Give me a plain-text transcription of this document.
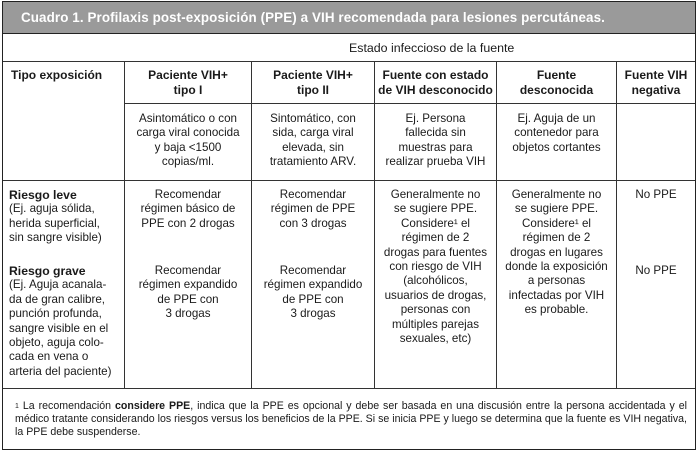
Cuadro 1. Profilaxis post-exposición (PPE) a VIH recomendada para lesiones percutáneas.
Estado infeccioso de la fuente
Tipo exposición	Paciente VIH+
tipo I
Paciente VIH+
tipo II
Fuente con estado
de VIH desconocido
Fuente
desconocida
Fuente VIH
negativa
Asintomático o con
carga viral conocida
y baja <1500
copias/ml.
Sintomático, con
sida, carga viral
elevada, sin
tratamiento ARV.
Ej. Persona
fallecida sin
muestras para
realizar prueba VIH
Ej. Aguja de un
contenedor para
objetos cortantes
Riesgo leve
(Ej. aguja sólida,
herida superficial,
sin sangre visible)
Riesgo grave
(Ej. Aguja acanala-
da de gran calibre,
punción profunda,
sangre visible en el
objeto, aguja colo-
cada en vena o
arteria del paciente)
Recomendar
régimen básico de
PPE con 2 drogas
Recomendar
régimen de PPE
con 3 drogas
No PPE
Recomendar
régimen expandido
de PPE con
3 drogas
Recomendar
régimen expandido
de PPE con
3 drogas
No PPE
Generalmente no
se sugiere PPE.
Considere¹ el
régimen de 2
drogas para fuentes
con riesgo de VIH
(alcohólicos,
usuarios de drogas,
personas con
múltiples parejas
sexuales, etc)
Generalmente no
se sugiere PPE.
Considere¹ el
régimen de 2
drogas en lugares
donde la exposición
a personas
infectadas por VIH
es probable.
$^1$ La recomendación considere PPE, indica que la PPE es opcional y debe ser basada en una discusión entre la persona accidentada y el médico tratante considerando los riesgos versus los beneficios de la PPE. Si se inicia PPE y luego se determina que la fuente es VIH negativa, la PPE debe suspenderse.
